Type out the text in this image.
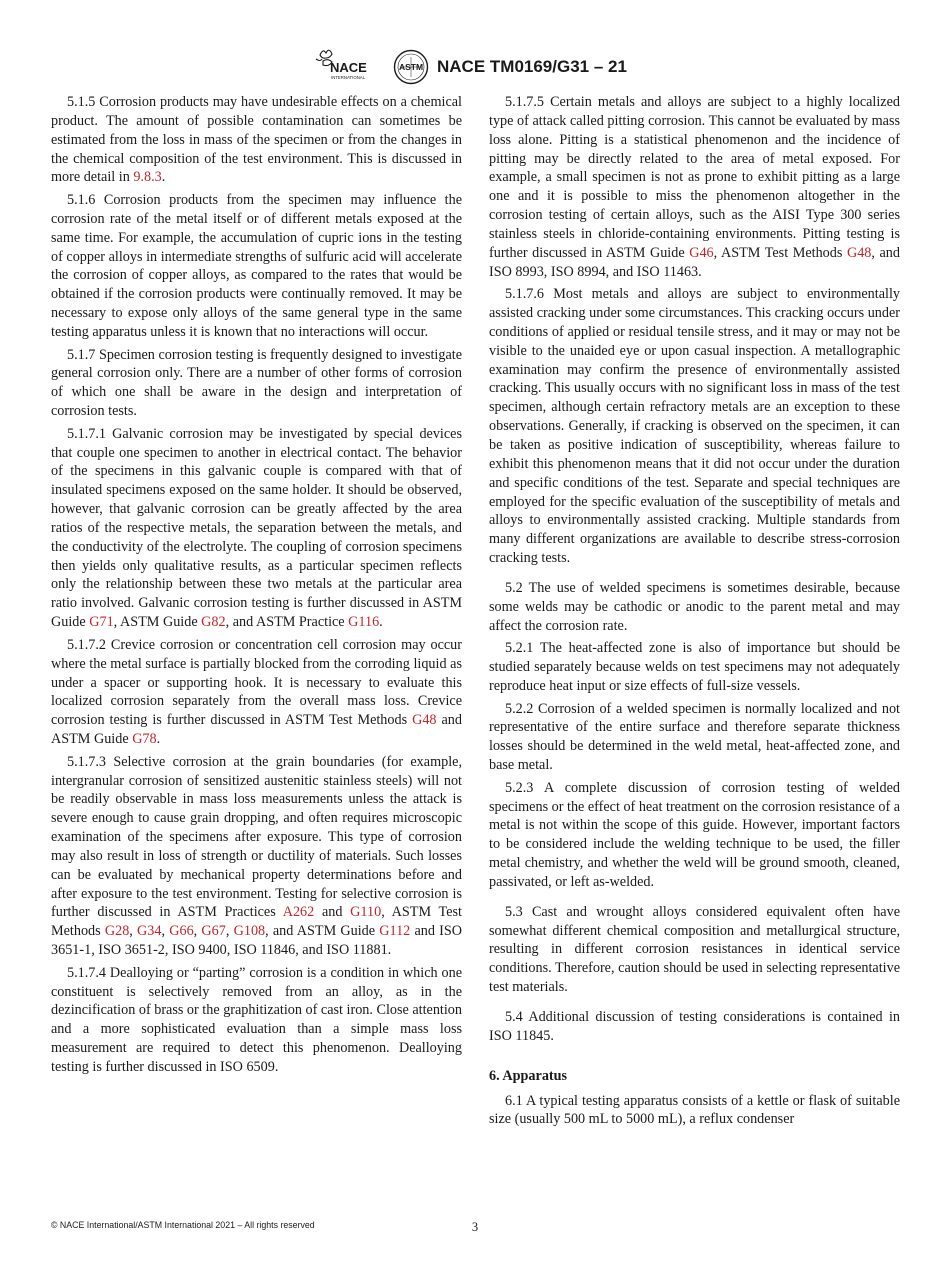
NACE
INTERNATIONAL
ASTM NACE TM0169/G31 – 21

5.1.5 Corrosion products may have undesirable effects on a chemical product. The amount of possible contamination can sometimes be estimated from the loss in mass of the specimen or from the changes in the chemical composition of the test environment. This is discussed in more detail in 9.8.3.

5.1.6 Corrosion products from the specimen may influence the corrosion rate of the metal itself or of different metals exposed at the same time. For example, the accumulation of cupric ions in the testing of copper alloys in intermediate strengths of sulfuric acid will accelerate the corrosion of copper alloys, as compared to the rates that would be obtained if the corrosion products were continually removed. It may be necessary to expose only alloys of the same general type in the same testing apparatus unless it is known that no interactions will occur.

5.1.7 Specimen corrosion testing is frequently designed to investigate general corrosion only. There are a number of other forms of corrosion of which one shall be aware in the design and interpretation of corrosion tests.

5.1.7.1 Galvanic corrosion may be investigated by special devices that couple one specimen to another in electrical contact. The behavior of the specimens in this galvanic couple is compared with that of insulated specimens exposed on the same holder. It should be observed, however, that galvanic corrosion can be greatly affected by the area ratios of the respective metals, the separation between the metals, and the conductivity of the electrolyte. The coupling of corrosion specimens then yields only qualitative results, as a particular specimen reflects only the relationship between these two metals at the particular area ratio involved. Galvanic corrosion testing is further discussed in ASTM Guide G71, ASTM Guide G82, and ASTM Practice G116.

5.1.7.2 Crevice corrosion or concentration cell corrosion may occur where the metal surface is partially blocked from the corroding liquid as under a spacer or supporting hook. It is necessary to evaluate this localized corrosion separately from the overall mass loss. Crevice corrosion testing is further discussed in ASTM Test Methods G48 and ASTM Guide G78.

5.1.7.3 Selective corrosion at the grain boundaries (for example, intergranular corrosion of sensitized austenitic stainless steels) will not be readily observable in mass loss measurements unless the attack is severe enough to cause grain dropping, and often requires microscopic examination of the specimens after exposure. This type of corrosion may also result in loss of strength or ductility of materials. Such losses can be evaluated by mechanical property determinations before and after exposure to the test environment. Testing for selective corrosion is further discussed in ASTM Practices A262 and G110, ASTM Test Methods G28, G34, G66, G67, G108, and ASTM Guide G112 and ISO 3651-1, ISO 3651-2, ISO 9400, ISO 11846, and ISO 11881.

5.1.7.4 Dealloying or “parting” corrosion is a condition in which one constituent is selectively removed from an alloy, as in the dezincification of brass or the graphitization of cast iron. Close attention and a more sophisticated evaluation than a simple mass loss measurement are required to detect this phenomenon. Dealloying testing is further discussed in ISO 6509.

5.1.7.5 Certain metals and alloys are subject to a highly localized type of attack called pitting corrosion. This cannot be evaluated by mass loss alone. Pitting is a statistical phenomenon and the incidence of pitting may be directly related to the area of metal exposed. For example, a small specimen is not as prone to exhibit pitting as a large one and it is possible to miss the phenomenon altogether in the corrosion testing of certain alloys, such as the AISI Type 300 series stainless steels in chloride-containing environments. Pitting testing is further discussed in ASTM Guide G46, ASTM Test Methods G48, and ISO 8993, ISO 8994, and ISO 11463.

5.1.7.6 Most metals and alloys are subject to environmentally assisted cracking under some circumstances. This cracking occurs under conditions of applied or residual tensile stress, and it may or may not be visible to the unaided eye or upon casual inspection. A metallographic examination may confirm the presence of environmentally assisted cracking. This usually occurs with no significant loss in mass of the test specimen, although certain refractory metals are an exception to these observations. Generally, if cracking is observed on the specimen, it can be taken as positive indication of susceptibility, whereas failure to exhibit this phenomenon means that it did not occur under the duration and specific conditions of the test. Separate and special techniques are employed for the specific evaluation of the susceptibility of metals and alloys to environmentally assisted cracking. Multiple standards from many different organizations are available to describe stress-corrosion cracking tests.

5.2 The use of welded specimens is sometimes desirable, because some welds may be cathodic or anodic to the parent metal and may affect the corrosion rate.

5.2.1 The heat-affected zone is also of importance but should be studied separately because welds on test specimens may not adequately reproduce heat input or size effects of full-size vessels.

5.2.2 Corrosion of a welded specimen is normally localized and not representative of the entire surface and therefore separate thickness losses should be determined in the weld metal, heat-affected zone, and base metal.

5.2.3 A complete discussion of corrosion testing of welded specimens or the effect of heat treatment on the corrosion resistance of a metal is not within the scope of this guide. However, important factors to be considered include the welding technique to be used, the filler metal chemistry, and whether the weld will be ground smooth, cleaned, passivated, or left as-welded.

5.3 Cast and wrought alloys considered equivalent often have somewhat different chemical composition and metallurgical structure, resulting in different corrosion resistances in identical service conditions. Therefore, caution should be used in selecting representative test materials.

5.4 Additional discussion of testing considerations is contained in ISO 11845.

6. Apparatus

6.1 A typical testing apparatus consists of a kettle or flask of suitable size (usually 500 mL to 5000 mL), a reflux condenser

© NACE International/ASTM International 2021 – All rights reserved	3
